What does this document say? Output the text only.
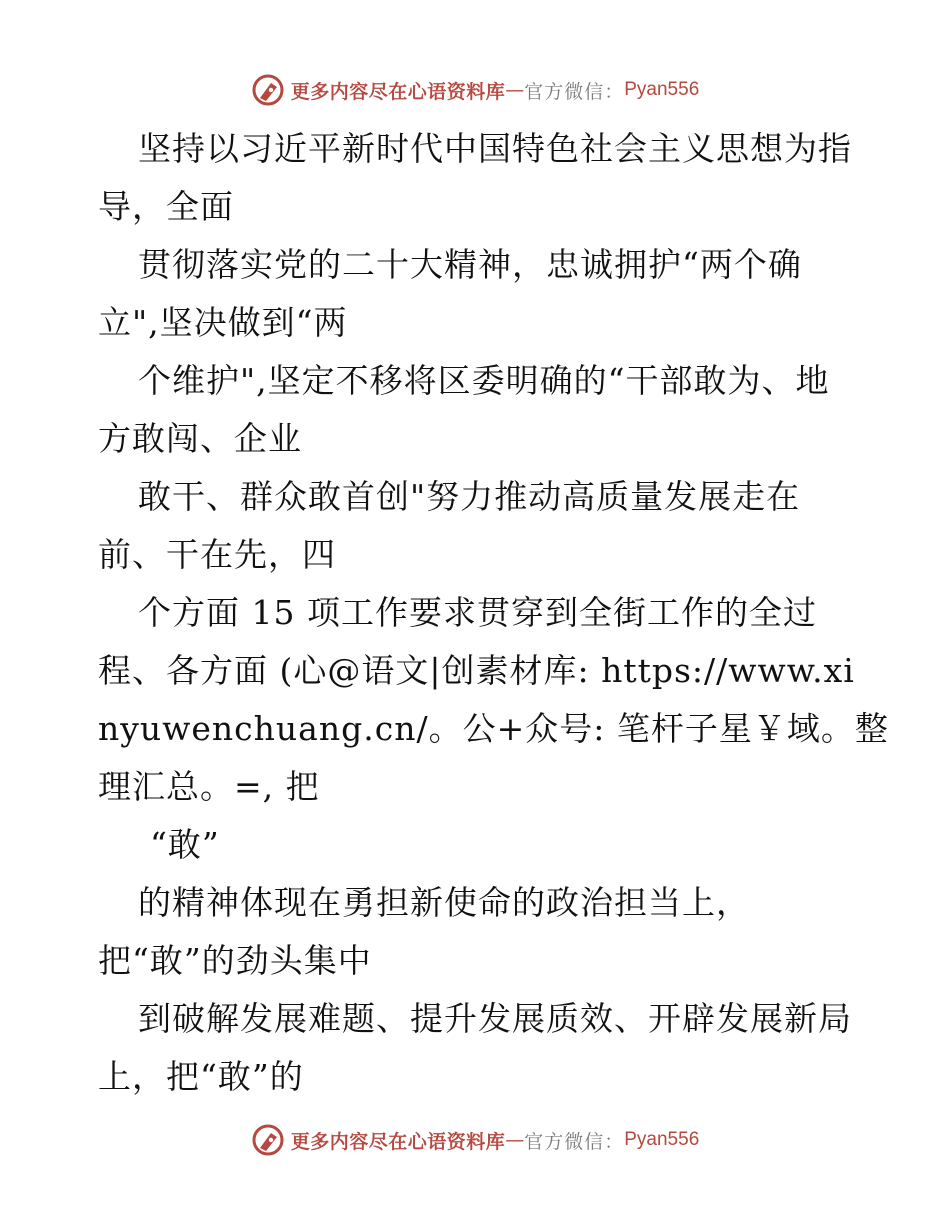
更多内容尽在心语资料库 — 官方微信： Pyan556
坚持以习近平新时代中国特色社会主义思想为指
导，全面
贯彻落实党的二十大精神，忠诚拥护“两个确
立",坚决做到“两
个维护",坚定不移将区委明确的“干部敢为、地
方敢闯、企业
敢干、群众敢首创"努力推动高质量发展走在
前、干在先，四
个方面 15 项工作要求贯穿到全街工作的全过
程、各方面 (心@语文|创素材库: https://www.xi
nyuwenchuang.cn/。公+众号: 笔杆子星￥域。整
理汇总。=, 把
“敢”
的精神体现在勇担新使命的政治担当上，
把“敢”的劲头集中
到破解发展难题、提升发展质效、开辟发展新局
上，把“敢”的
更多内容尽在心语资料库 — 官方微信： Pyan556
